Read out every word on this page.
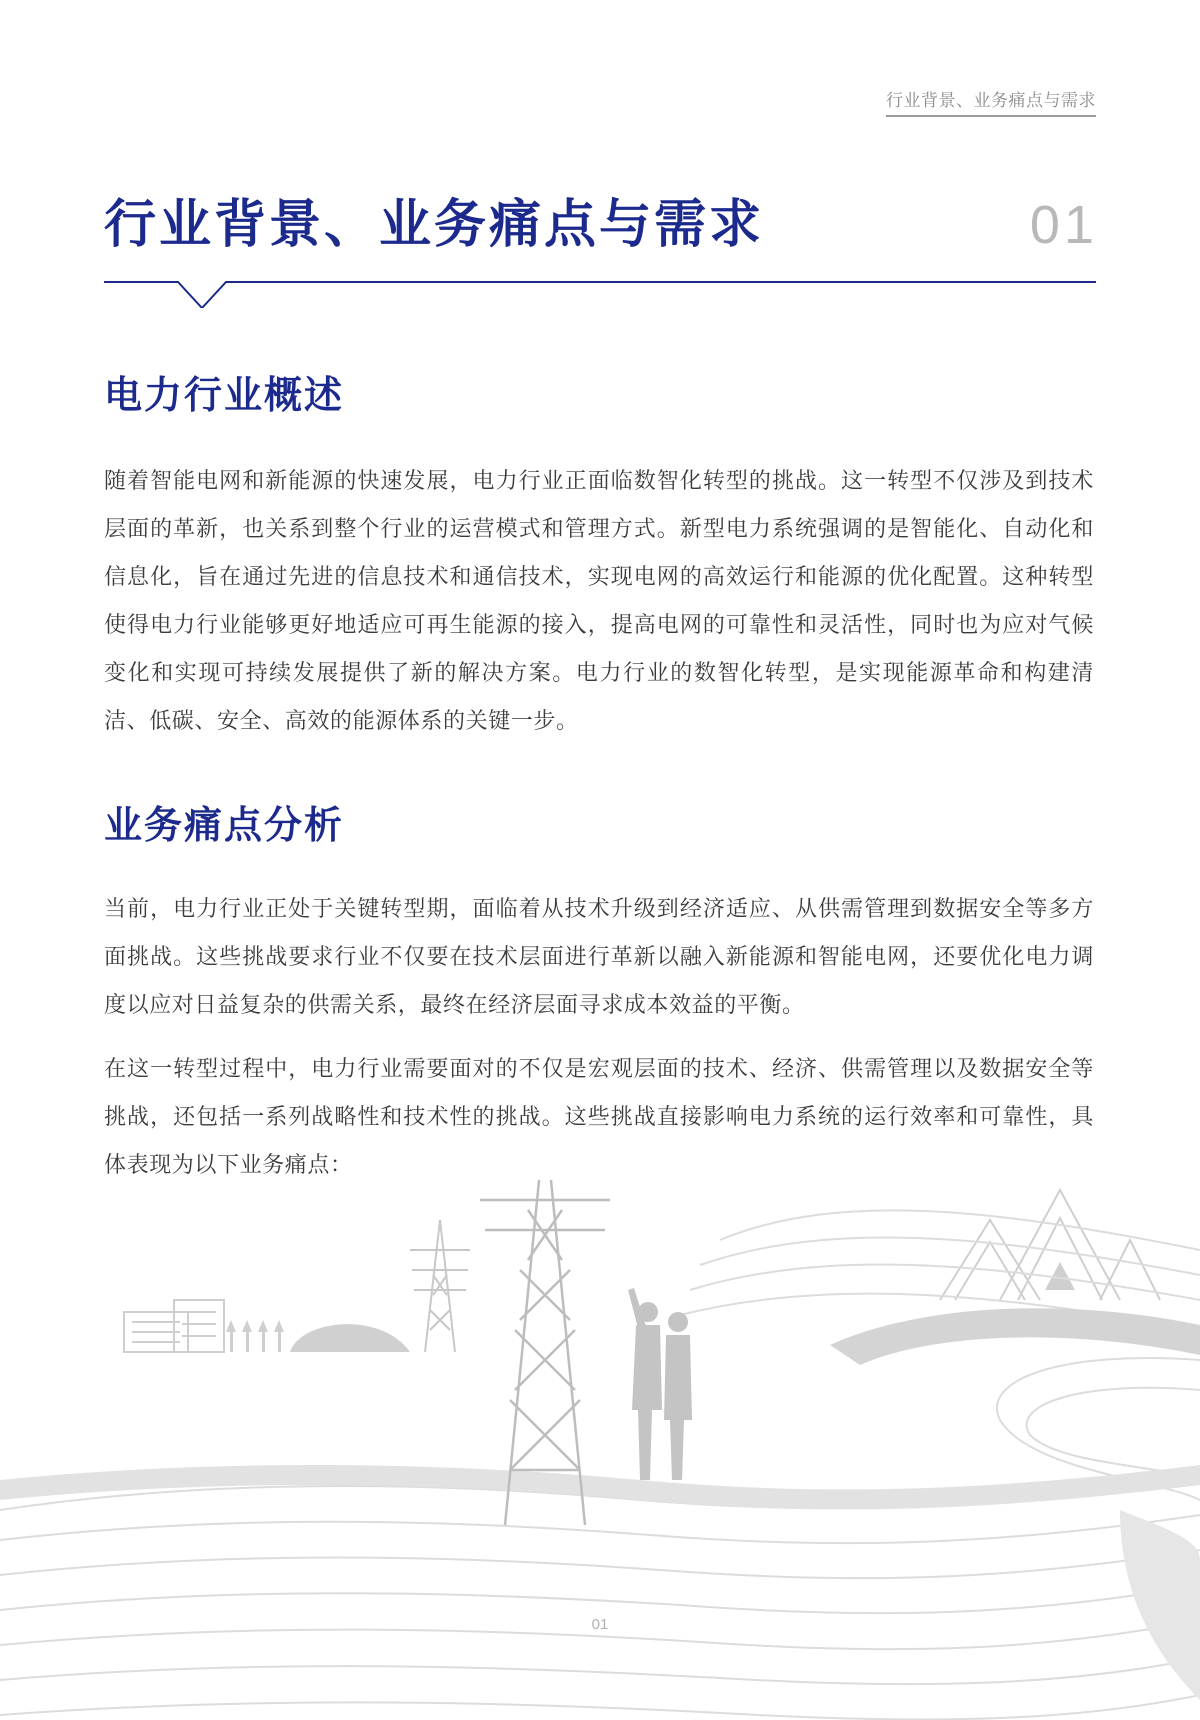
行业背景、业务痛点与需求
行业背景、业务痛点与需求	01
电力行业概述

随着智能电网和新能源的快速发展，电力行业正面临数智化转型的挑战。这一转型不仅涉及到技术层面的革新，也关系到整个行业的运营模式和管理方式。新型电力系统强调的是智能化、自动化和信息化，旨在通过先进的信息技术和通信技术，实现电网的高效运行和能源的优化配置。这种转型使得电力行业能够更好地适应可再生能源的接入，提高电网的可靠性和灵活性，同时也为应对气候变化和实现可持续发展提供了新的解决方案。电力行业的数智化转型，是实现能源革命和构建清洁、低碳、安全、高效的能源体系的关键一步。

业务痛点分析

当前，电力行业正处于关键转型期，面临着从技术升级到经济适应、从供需管理到数据安全等多方面挑战。这些挑战要求行业不仅要在技术层面进行革新以融入新能源和智能电网，还要优化电力调度以应对日益复杂的供需关系，最终在经济层面寻求成本效益的平衡。

在这一转型过程中，电力行业需要面对的不仅是宏观层面的技术、经济、供需管理以及数据安全等挑战，还包括一系列战略性和技术性的挑战。这些挑战直接影响电力系统的运行效率和可靠性，具体表现为以下业务痛点：

01
